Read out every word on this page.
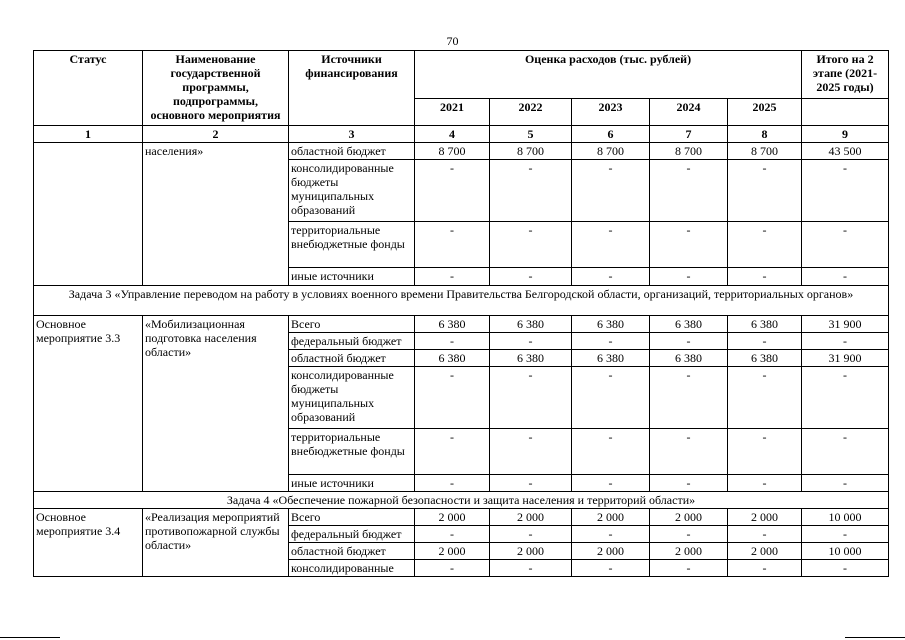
70
Статус	Наименование государственной программы, подпрограммы, основного мероприятия	Источники финансирования	Оценка расходов (тыс. рублей)					Итого на 2 этапе (2021-2025 годы)
			2021	2022	2023	2024	2025	
1	2	3	4	5	6	7	8	9
	населения»	областной бюджет	8 700	8 700	8 700	8 700	8 700	43 500
		консолидированные бюджеты муниципальных образований	-	-	-	-	-	-
		территориальные внебюджетные фонды	-	-	-	-	-	-
		иные источники	-	-	-	-	-	-
Задача 3 «Управление переводом на работу в условиях военного времени Правительства Белгородской области, организаций, территориальных органов»								
Основное мероприятие 3.3	«Мобилизационная подготовка населения области»	Всего	6 380	6 380	6 380	6 380	6 380	31 900
		федеральный бюджет	-	-	-	-	-	-
		областной бюджет	6 380	6 380	6 380	6 380	6 380	31 900
		консолидированные бюджеты муниципальных образований	-	-	-	-	-	-
		территориальные внебюджетные фонды	-	-	-	-	-	-
		иные источники	-	-	-	-	-	-
Задача 4 «Обеспечение пожарной безопасности и защита населения и территорий области»								
Основное мероприятие 3.4	«Реализация мероприятий противопожарной службы области»	Всего	2 000	2 000	2 000	2 000	2 000	10 000
		федеральный бюджет	-	-	-	-	-	-
		областной бюджет	2 000	2 000	2 000	2 000	2 000	10 000
		консолидированные	-	-	-	-	-	-
